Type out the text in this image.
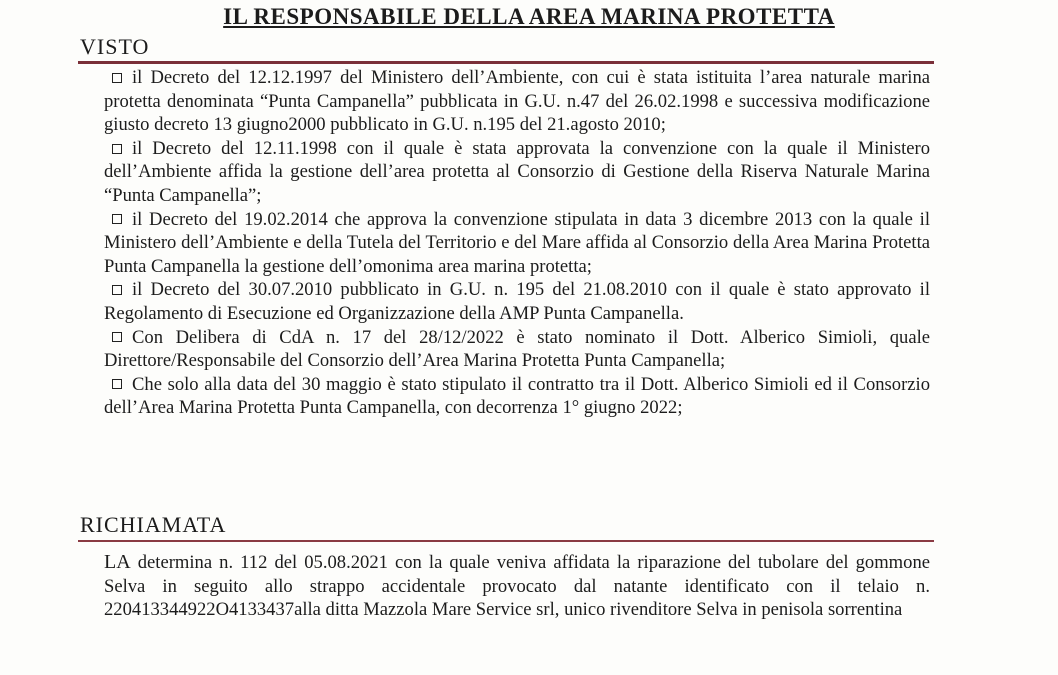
IL RESPONSABILE DELLA AREA MARINA PROTETTA
VISTO
il Decreto del 12.12.1997 del Ministero dell’Ambiente, con cui è stata istituita l’area naturale marina protetta denominata “Punta Campanella” pubblicata in G.U. n.47 del 26.02.1998 e successiva modificazione giusto decreto 13 giugno2000 pubblicato in G.U. n.195 del 21.agosto 2010;
il Decreto del 12.11.1998 con il quale è stata approvata la convenzione con la quale il Ministero dell’Ambiente affida la gestione dell’area protetta al Consorzio di Gestione della Riserva Naturale Marina “Punta Campanella”;
il Decreto del 19.02.2014 che approva la convenzione stipulata in data 3 dicembre 2013 con la quale il Ministero dell’Ambiente e della Tutela del Territorio e del Mare affida al Consorzio della Area Marina Protetta Punta Campanella la gestione dell’omonima area marina protetta;
il Decreto del 30.07.2010 pubblicato in G.U. n. 195 del 21.08.2010 con il quale è stato approvato il Regolamento di Esecuzione ed Organizzazione della AMP Punta Campanella.
Con Delibera di CdA n. 17 del 28/12/2022 è stato nominato il Dott. Alberico Simioli, quale Direttore/Responsabile del Consorzio dell’Area Marina Protetta Punta Campanella;
Che solo alla data del 30 maggio è stato stipulato il contratto tra il Dott. Alberico Simioli ed il Consorzio dell’Area Marina Protetta Punta Campanella, con decorrenza 1° giugno 2022;
RICHIAMATA
LA determina n. 112 del 05.08.2021 con la quale veniva affidata la riparazione del tubolare del gommone Selva in seguito allo strappo accidentale provocato dal natante identificato con il telaio n. 220413344922O4133437alla ditta Mazzola Mare Service srl, unico rivenditore Selva in penisola sorrentina
